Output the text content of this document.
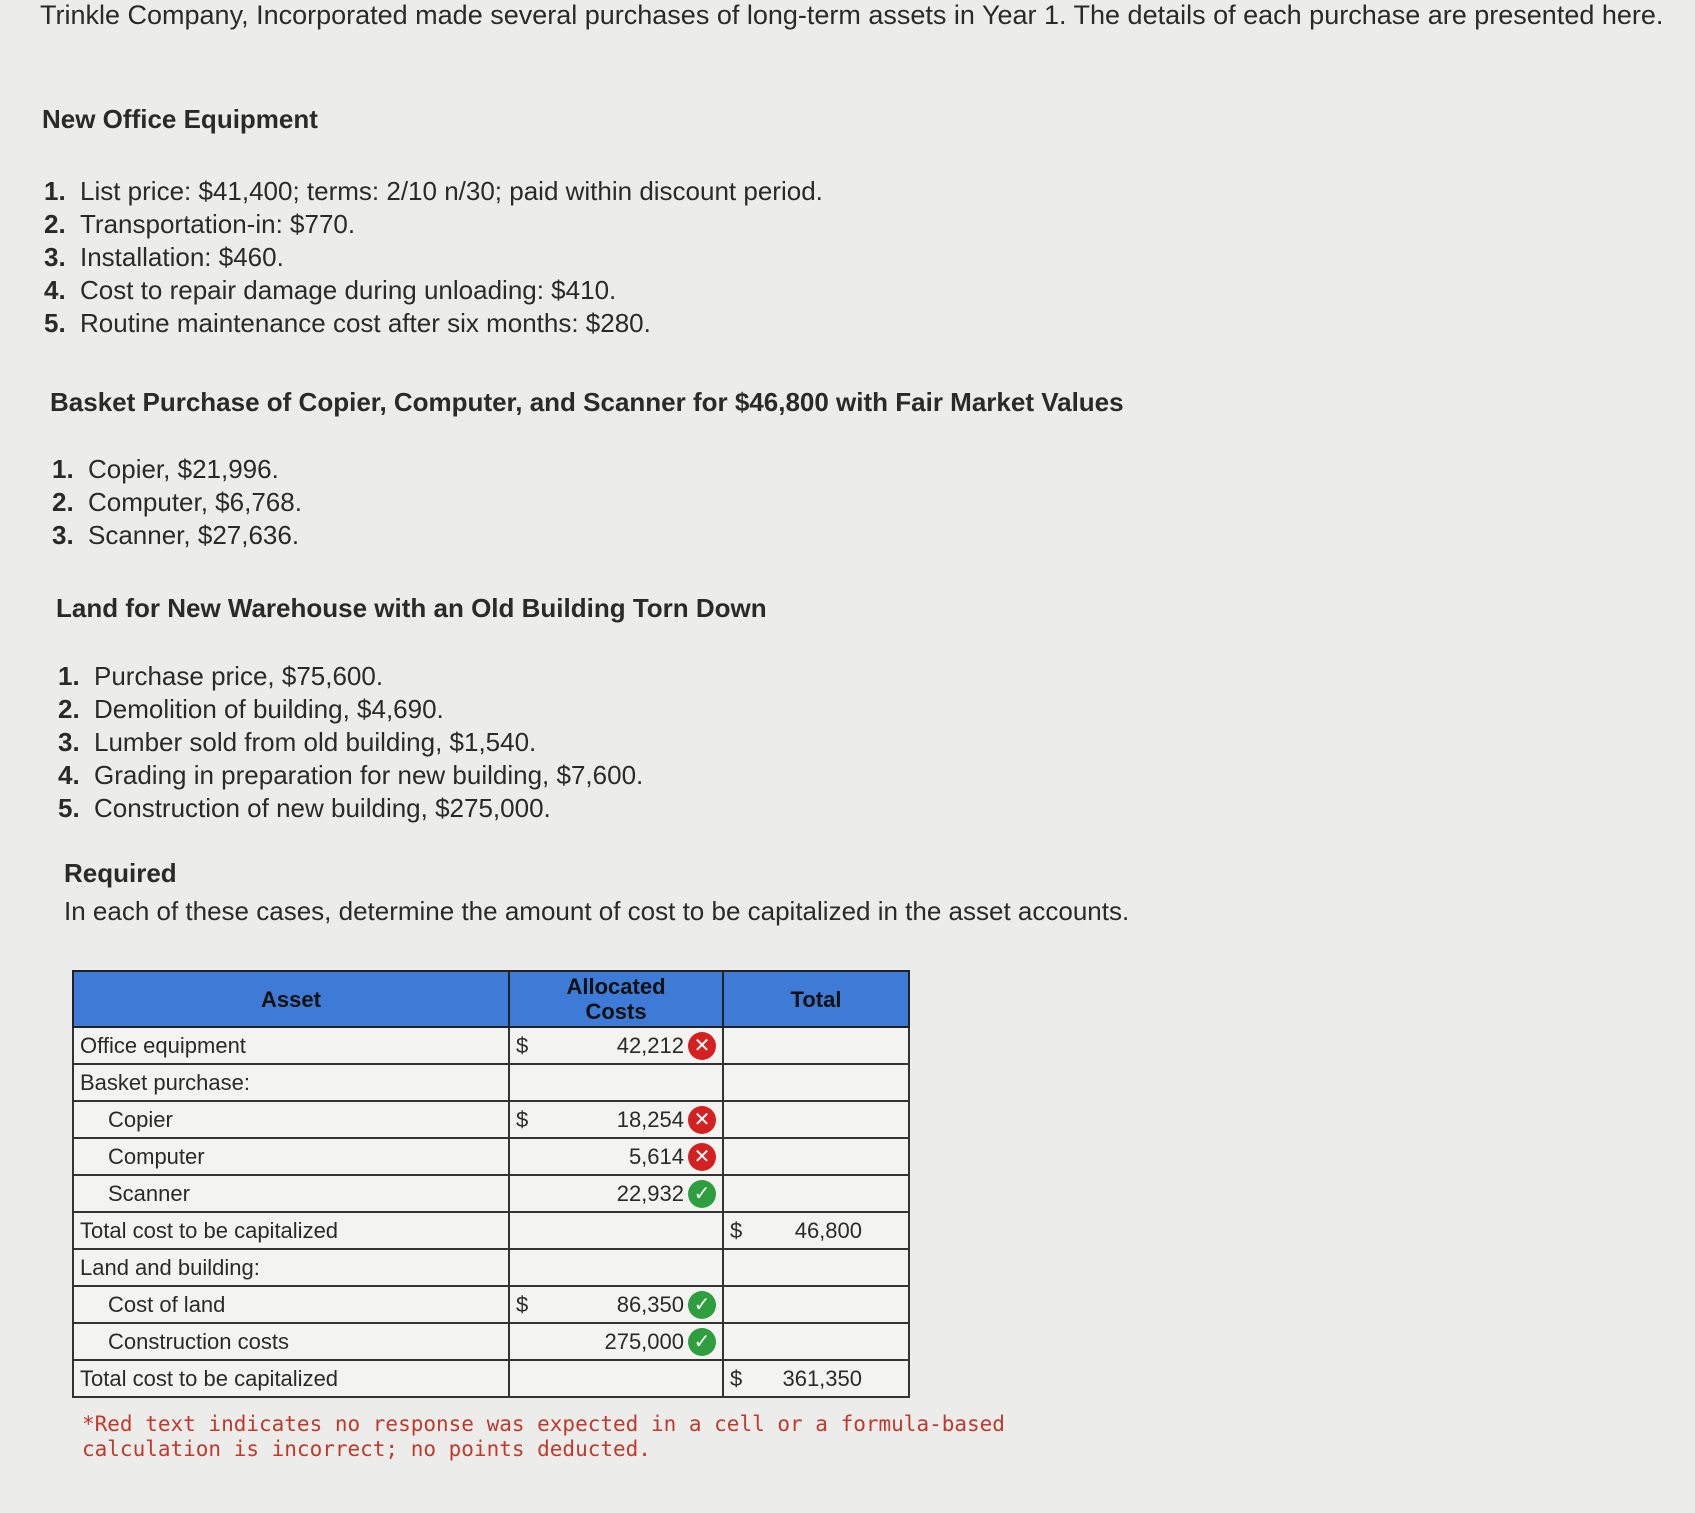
Trinkle Company, Incorporated made several purchases of long-term assets in Year 1. The details of each purchase are presented here.
New Office Equipment
1. List price: $41,400; terms: 2/10 n/30; paid within discount period.
2. Transportation-in: $770.
3. Installation: $460.
4. Cost to repair damage during unloading: $410.
5. Routine maintenance cost after six months: $280.
Basket Purchase of Copier, Computer, and Scanner for $46,800 with Fair Market Values
1. Copier, $21,996.
2. Computer, $6,768.
3. Scanner, $27,636.
Land for New Warehouse with an Old Building Torn Down
1. Purchase price, $75,600.
2. Demolition of building, $4,690.
3. Lumber sold from old building, $1,540.
4. Grading in preparation for new building, $7,600.
5. Construction of new building, $275,000.
Required
In each of these cases, determine the amount of cost to be capitalized in the asset accounts.
Asset	Allocated Costs	Total
Office equipment	$ 42,212 ✕	

Basket purchase:		
Copier	$ 18,254 ✕	

Computer	5,614 ✕	

Scanner	22,932 ✓	

Total cost to be capitalized		$ 46,800

Land and building:		
Cost of land	$ 86,350 ✓	

Construction costs	275,000 ✓	

Total cost to be capitalized		$ 361,350
*Red text indicates no response was expected in a cell or a formula-based calculation is incorrect; no points deducted.
